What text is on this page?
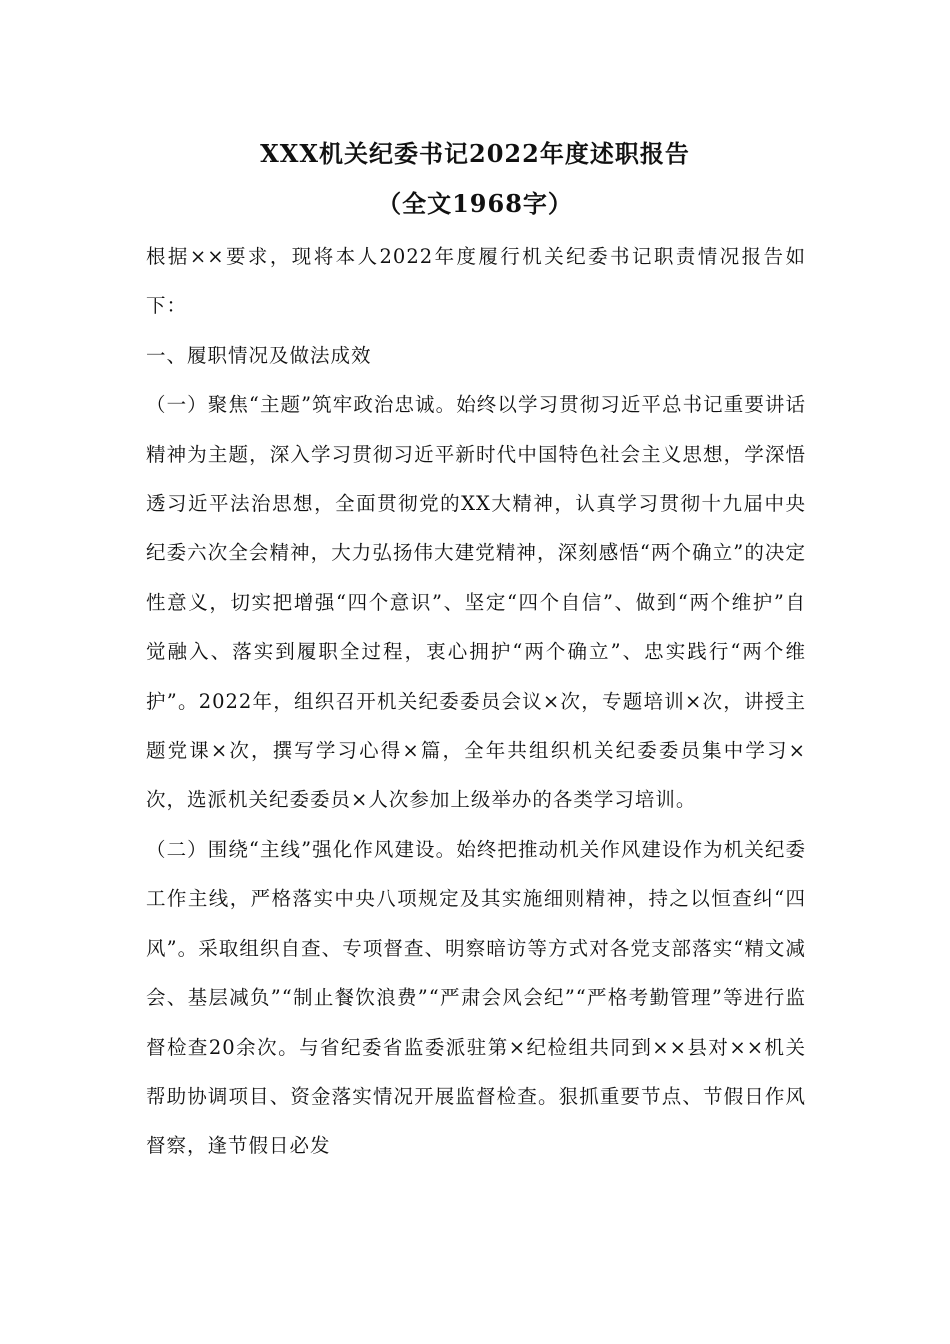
XXX机关纪委书记2022年度述职报告
（全文1968字）

根据××要求，现将本人2022年度履行机关纪委书记职责情况报告如下：

一、履职情况及做法成效

（一）聚焦“主题”筑牢政治忠诚。始终以学习贯彻习近平总书记重要讲话精神为主题，深入学习贯彻习近平新时代中国特色社会主义思想，学深悟透习近平法治思想，全面贯彻党的XX大精神，认真学习贯彻十九届中央纪委六次全会精神，大力弘扬伟大建党精神，深刻感悟“两个确立”的决定性意义，切实把增强“四个意识”、坚定“四个自信”、做到“两个维护”自觉融入、落实到履职全过程，衷心拥护“两个确立”、忠实践行“两个维护”。2022年，组织召开机关纪委委员会议×次，专题培训×次，讲授主题党课×次，撰写学习心得×篇，全年共组织机关纪委委员集中学习×次，选派机关纪委委员×人次参加上级举办的各类学习培训。

（二）围绕“主线”强化作风建设。始终把推动机关作风建设作为机关纪委工作主线，严格落实中央八项规定及其实施细则精神，持之以恒查纠“四风”。采取组织自查、专项督查、明察暗访等方式对各党支部落实“精文减会、基层减负”“制止餐饮浪费”“严肃会风会纪”“严格考勤管理”等进行监督检查20余次。与省纪委省监委派驻第×纪检组共同到××县对××机关帮助协调项目、资金落实情况开展监督检查。狠抓重要节点、节假日作风督察，逢节假日必发
